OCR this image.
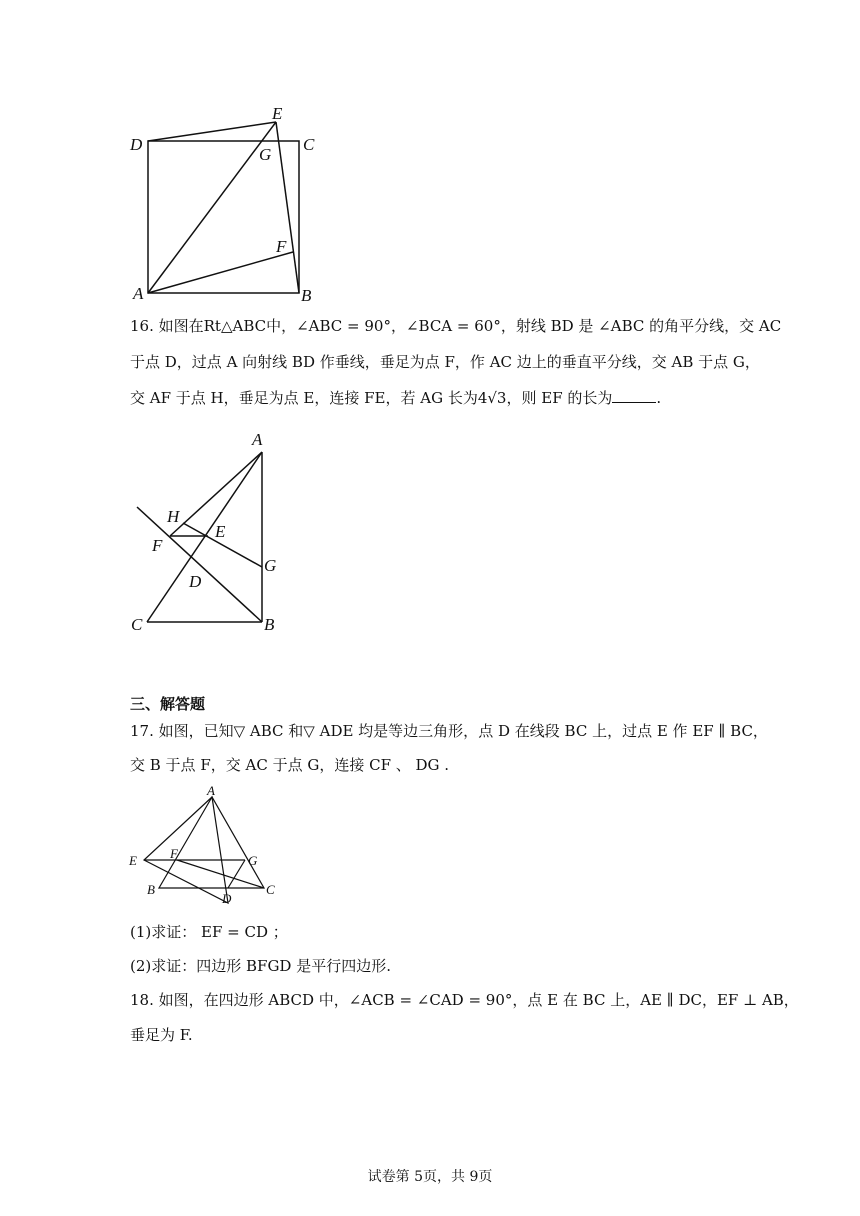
D
E
C
G
F
A	B
16. 如图在Rt△ABC中，∠ABC = 90°，∠BCA = 60°，射线 BD 是 ∠ABC 的角平分线，交 AC
于点 D，过点 A 向射线 BD 作垂线，垂足为点 F，作 AC 边上的垂直平分线，交 AB 于点 G，
交 AF 于点 H，垂足为点 E，连接 FE，若 AG 长为4√3，则 EF 的长为	.
A
H
E
F
G
D
C	B
三、解答题
17. 如图，已知▽ ABC 和▽ ADE 均是等边三角形，点 D 在线段 BC 上，过点 E 作 EF ∥ BC，
交 B 于点 F，交 AC 于点 G，连接 CF 、 DG .
A
E	F	G
B
D
C
(1)求证： EF = CD ；
(2)求证：四边形 BFGD 是平行四边形.
18. 如图，在四边形 ABCD 中，∠ACB = ∠CAD = 90°，点 E 在 BC 上，AE ∥ DC，EF ⊥ AB，
垂足为 F.
试卷第 5页，共 9页
